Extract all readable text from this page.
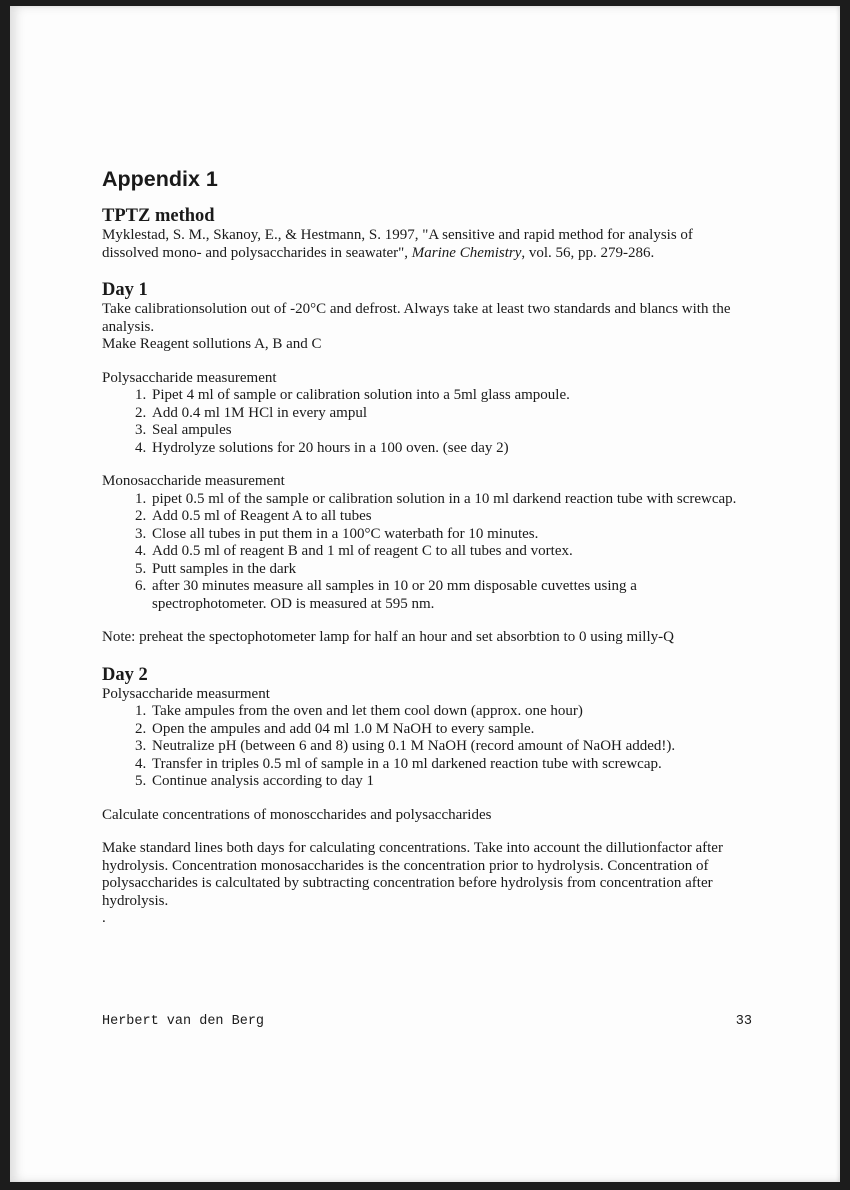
Appendix 1
TPTZ method

Myklestad, S. M., Skanoy, E., & Hestmann, S. 1997, "A sensitive and rapid method for analysis of dissolved mono- and polysaccharides in seawater", Marine Chemistry, vol. 56, pp. 279-286.

Day 1

Take calibrationsolution out of -20°C and defrost. Always take at least two standards and blancs with the analysis.

Make Reagent sollutions A, B and C

Polysaccharide measurement

1. Pipet 4 ml of sample or calibration solution into a 5ml glass ampoule.
2. Add 0.4 ml 1M HCl in every ampul
3. Seal ampules
4. Hydrolyze solutions for 20 hours in a 100 oven. (see day 2)

Monosaccharide measurement

1. pipet 0.5 ml of the sample or calibration solution in a 10 ml darkend reaction tube with screwcap.
2. Add 0.5 ml of Reagent A to all tubes
3. Close all tubes in put them in a 100°C waterbath for 10 minutes.
4. Add 0.5 ml of reagent B and 1 ml of reagent C to all tubes and vortex.
5. Putt samples in the dark
6. after 30 minutes measure all samples in 10 or 20 mm disposable cuvettes using a spectrophotometer. OD is measured at 595 nm.

Note: preheat the spectophotometer lamp for half an hour and set absorbtion to 0 using milly-Q

Day 2

Polysaccharide measurment

1. Take ampules from the oven and let them cool down (approx. one hour)
2. Open the ampules and add 04 ml 1.0 M NaOH to every sample.
3. Neutralize pH (between 6 and 8) using 0.1 M NaOH (record amount of NaOH added!).
4. Transfer in triples 0.5 ml of sample in a 10 ml darkened reaction tube with screwcap.
5. Continue analysis according to day 1

Calculate concentrations of monosccharides and polysaccharides

Make standard lines both days for calculating concentrations. Take into account the dillutionfactor after hydrolysis. Concentration monosaccharides is the concentration prior to hydrolysis. Concentration of polysaccharides is calcultated by subtracting concentration before hydrolysis from concentration after hydrolysis.

.

Herbert van den Berg	33
